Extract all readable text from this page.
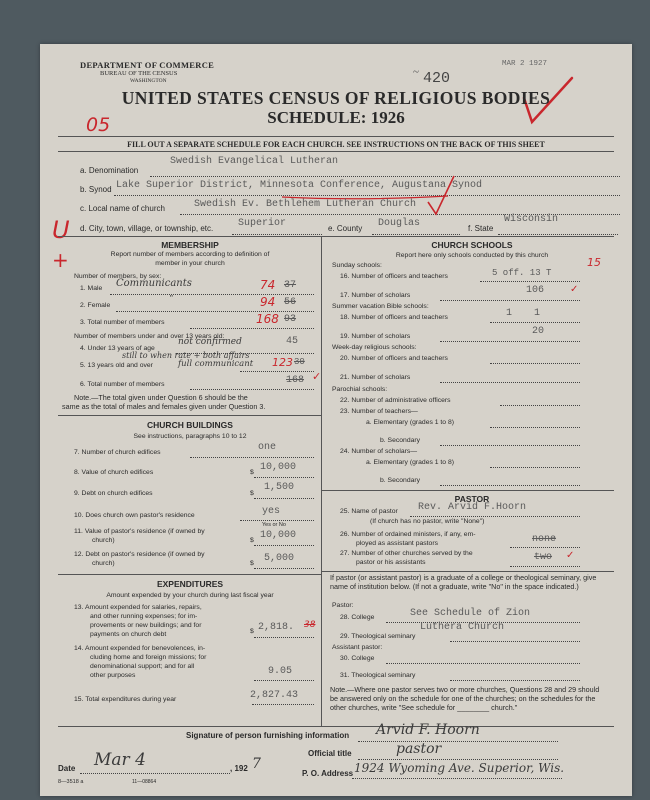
DEPARTMENT OF COMMERCE
BUREAU OF THE CENSUS
WASHINGTON
~ 420
MAR 2 1927
UNITED STATES CENSUS OF RELIGIOUS BODIES
SCHEDULE: 1926
05
FILL OUT A SEPARATE SCHEDULE FOR EACH CHURCH. SEE INSTRUCTIONS ON THE BACK OF THIS SHEET
a. Denomination
Swedish Evangelical Lutheran
b. Synod Lake Superior District, Minnesota Conference, Augustana Synod
c. Local name of church	Swedish Ev. Bethlehem Lutheran Church
d. City, town, village, or township, etc. Superior	e. County Douglas	f. State
Wisconsin
U
+
MEMBERSHIP
Report number of members according to definition of
member in your church
Number of members, by sex:
1. Male Communicants	74 37
2. Female
"	94 56
3. Total number of members	168 93
Number of members under and over 13 years old:
4. Under 13 years of age
not confirmed	45
still to when rate + both affairs
5. 13 years old and over	full communicant 123 30
6. Total number of members	168 ✓
Note.—The total given under Question 6 should be the
same as the total of males and females given under Question 3.
CHURCH BUILDINGS
See instructions, paragraphs 10 to 12
7. Number of church edifices	one
8. Value of church edifices	$ 10,000
9. Debt on church edifices	$
1,500
10. Does church own pastor's residence	yes
Yes or No
11. Value of pastor's residence (if owned by
church)	$ 10,000
12. Debt on pastor's residence (if owned by
church)	$ 5,000
EXPENDITURES
Amount expended by your church during last fiscal year
13. Amount expended for salaries, repairs,
and other running expenses; for im-
provements or new buildings; and for
payments on church debt	$ 2,818. 38
14. Amount expended for benevolences, in-
cluding home and foreign missions; for
denominational support; and for all
other purposes	9.05
15. Total expenditures during year	2,827.43
CHURCH SCHOOLS
Report here only schools conducted by this church
Sunday schools:
16. Number of officers and teachers	5 off. 13 T
15
17. Number of scholars	106	✓
Summer vacation Bible schools:
18. Number of officers and teachers	1 1
19. Number of scholars	20
Week-day religious schools:
20. Number of officers and teachers
21. Number of scholars
Parochial schools:
22. Number of administrative officers
23. Number of teachers—
a. Elementary (grades 1 to 8)
b. Secondary
24. Number of scholars—
a. Elementary (grades 1 to 8)
b. Secondary
PASTOR
25. Name of pastor Rev. Arvid F.Hoorn
(If church has no pastor, write "None")
26. Number of ordained ministers, if any, em-
ployed as assistant pastors	none
27. Number of other churches served by the
pastor or his assistants	two ✓
If pastor (or assistant pastor) is a graduate of a college or theological seminary, give name of institution below. (If not a graduate, write "No" in the space indicated.)
Pastor:
28. College	See Schedule of Zion
Luthera Church
29. Theological seminary
Assistant pastor:
30. College
31. Theological seminary
Note.—Where one pastor serves two or more churches, Questions 28 and 29 should be answered only on the schedule for one of the churches; on the schedules for the other churches, write "See schedule for ________ church."
Signature of person furnishing information Arvid F. Hoorn
Official title	pastor
P. O. Address 1924 Wyoming Ave. Superior, Wis.
Date Mar 4	, 192 7
8—3518 a	11—08864
